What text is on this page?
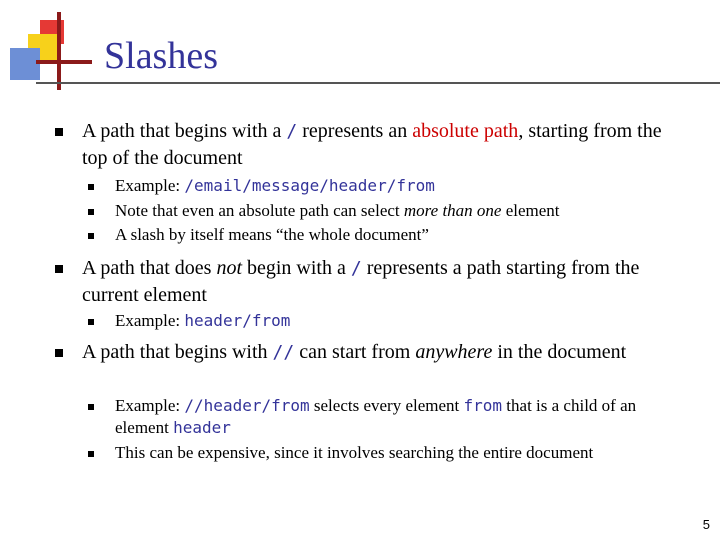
Slashes
A path that begins with a / represents an absolute path, starting from the top of the document
Example: /email/message/header/from
Note that even an absolute path can select more than one element
A slash by itself means “the whole document”
A path that does not begin with a / represents a path starting from the current element
Example: header/from
A path that begins with // can start from anywhere in the document
Example: //header/from selects every element from that is a child of an element header
This can be expensive, since it involves searching the entire document
5
